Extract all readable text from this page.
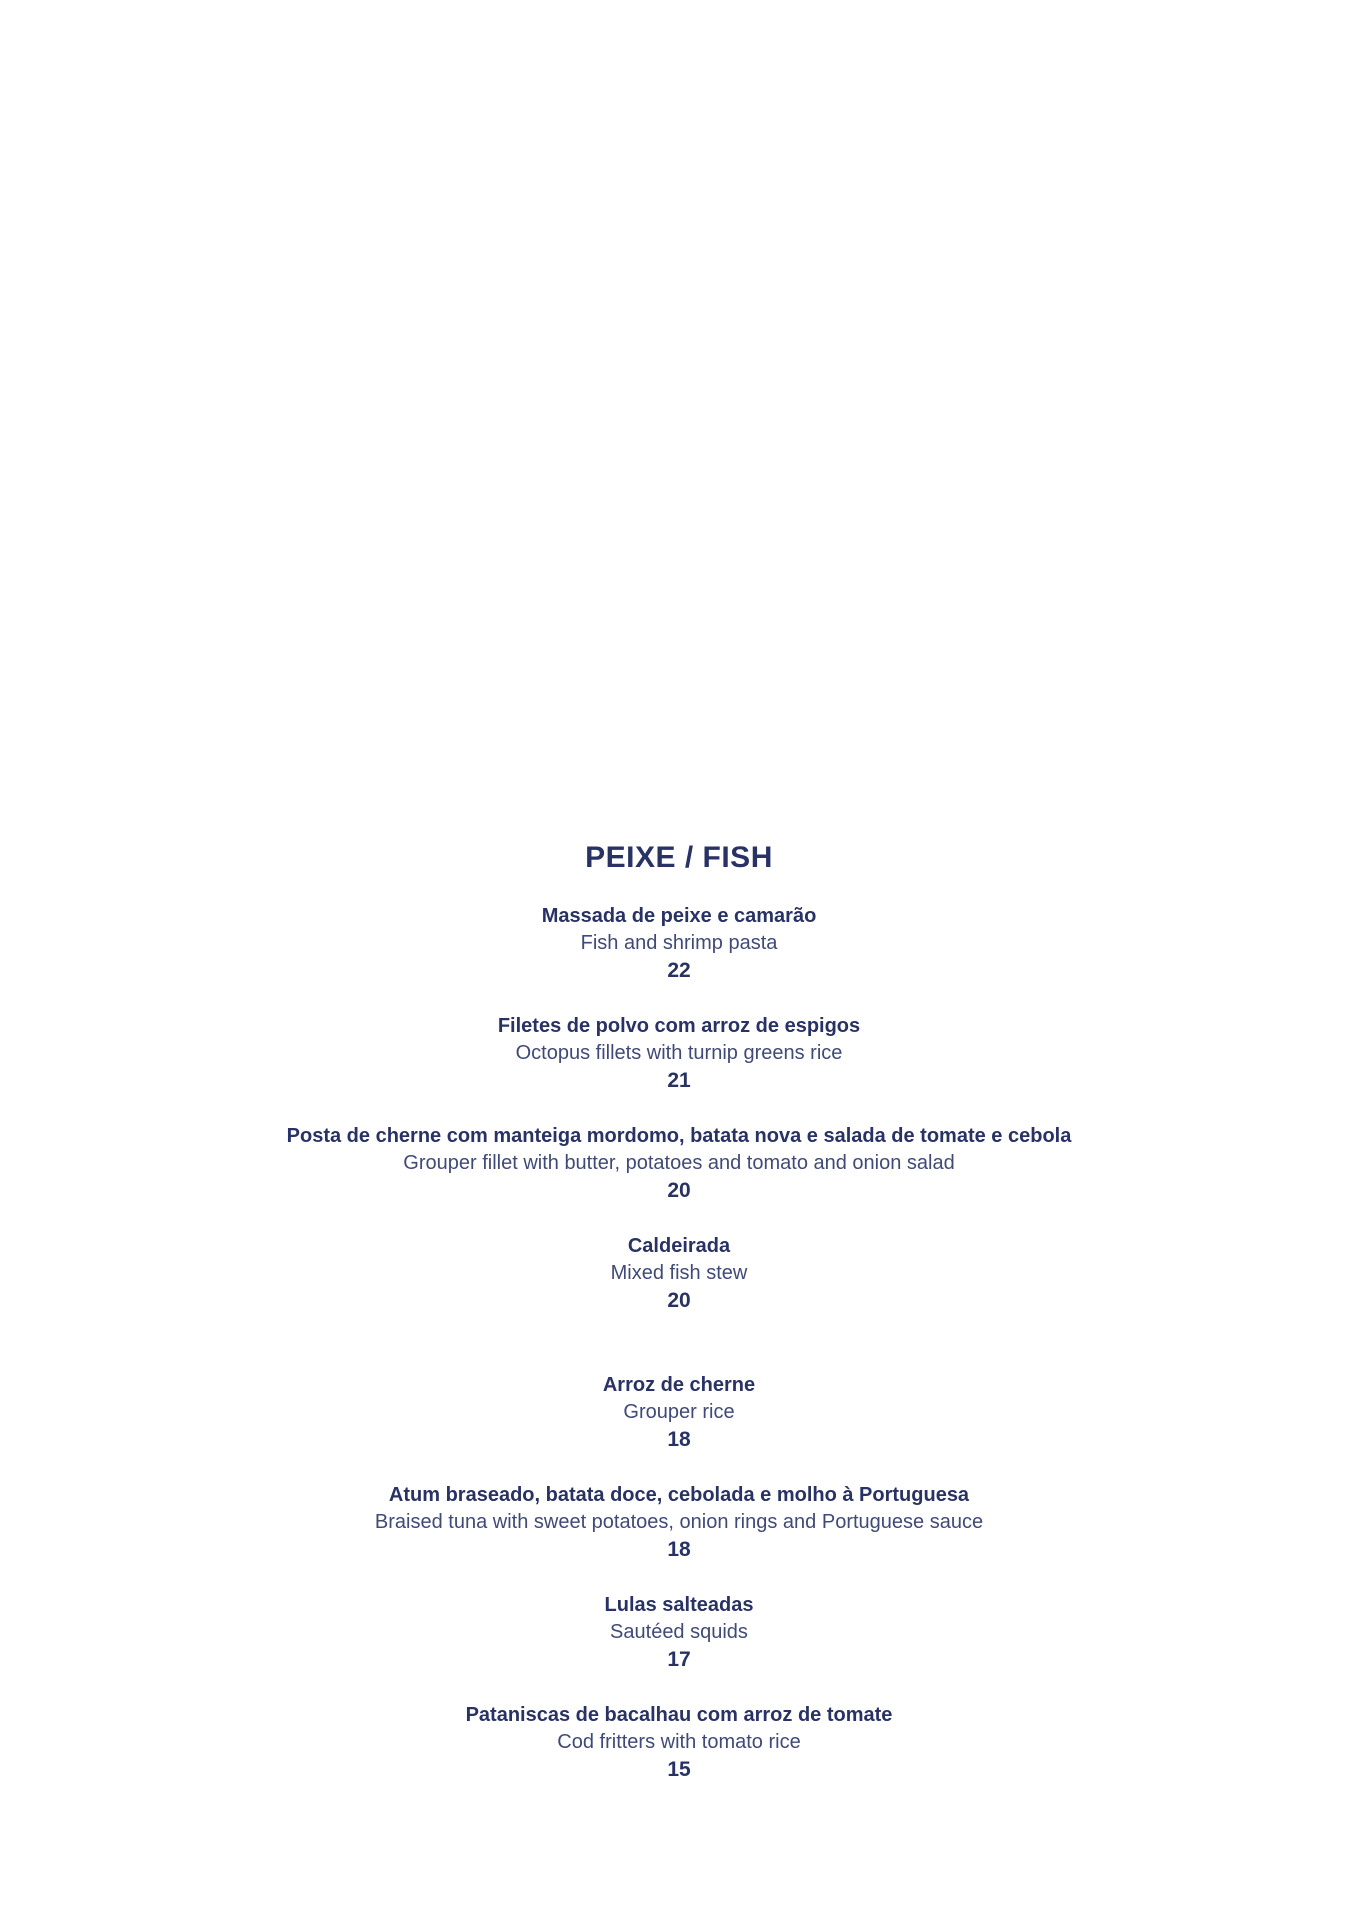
PEIXE / FISH
Massada de peixe e camarão
Fish and shrimp pasta
22
Filetes de polvo com arroz de espigos
Octopus fillets with turnip greens rice
21
Posta de cherne com manteiga mordomo, batata nova e salada de tomate e cebola
Grouper fillet with butter, potatoes and tomato and onion salad
20
Caldeirada
Mixed fish stew
20
Arroz de cherne
Grouper rice
18
Atum braseado, batata doce, cebolada e molho à Portuguesa
Braised tuna with sweet potatoes, onion rings and Portuguese sauce
18
Lulas salteadas
Sautéed squids
17
Pataniscas de bacalhau com arroz de tomate
Cod fritters with tomato rice
15
